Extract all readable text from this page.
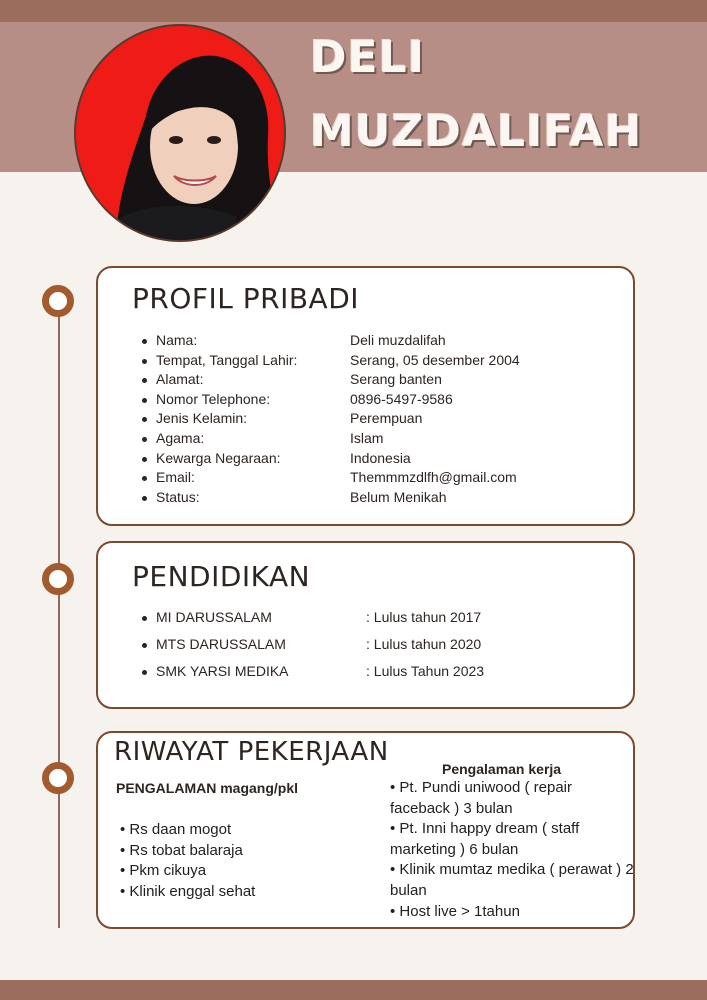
DELI
MUZDALIFAH
PROFIL PRIBADI
Nama:	Deli muzdalifah
Tempat, Tanggal Lahir:	Serang, 05 desember 2004
Alamat:	Serang banten
Nomor Telephone:	0896-5497-9586
Jenis Kelamin:	Perempuan
Agama:	Islam
Kewarga Negaraan:	Indonesia
Email:	Themmmzdlfh@gmail.com
Status:	Belum Menikah
PENDIDIKAN
MI DARUSSALAM	: Lulus tahun 2017
MTS DARUSSALAM	: Lulus tahun 2020
SMK YARSI MEDIKA	: Lulus Tahun 2023
RIWAYAT PEKERJAAN
PENGALAMAN magang/pkl
• Rs daan mogot
• Rs tobat balaraja
• Pkm cikuya
• Klinik enggal sehat
Pengalaman kerja
• Pt. Pundi uniwood ( repair
faceback ) 3 bulan
• Pt. Inni happy dream ( staff
marketing ) 6 bulan
• Klinik mumtaz medika ( perawat ) 2
bulan
• Host live > 1tahun
